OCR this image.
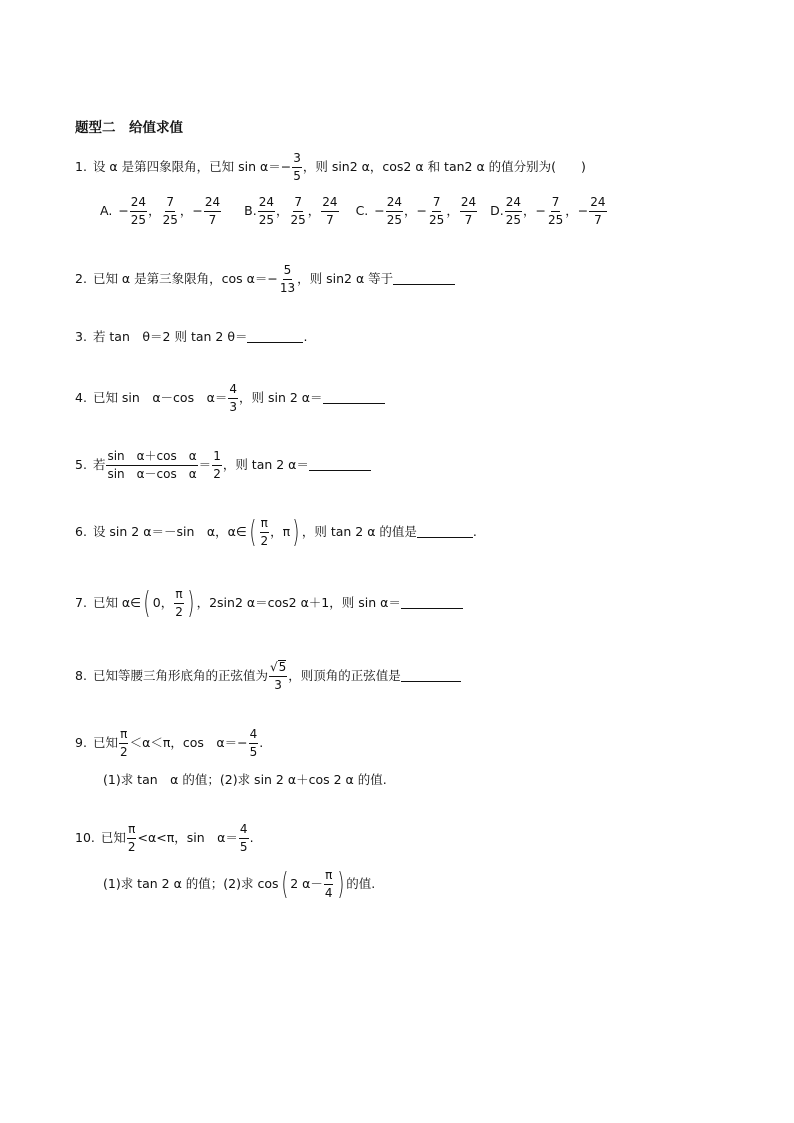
题型二　给值求值
1. 设 α 是第四象限角，已知 $\sin \alpha=- \frac{3}{5}$ ，则 sin2 α，cos2 α 和 tan2 α 的值分别为(　　)
A. − $\frac{24}{25}$ ，
7
25
，− $\frac{24}{7} B$.
24
25
，
7
25
，
24
7
C. − $\frac{24}{25}$ ，− $\frac{7}{25}$ ，
24
7
D.
24
25
，− $\frac{7}{25}$ ，− $\frac{24}{7}$
2. 已知 α 是第三象限角，$\cos \alpha=- \frac{5}{13}$ ，则 sin2 α 等于
3. 若 tan　θ＝2 则 tan 2 θ＝	.
4. 已知 sin　α－cos　α＝
4
3
，则 sin 2 α＝
5. 若
sin　α＋cos　α
sin　α－cos　α
＝
1
2
，则 tan 2 α＝
6. 设 sin 2 α＝－sin　α，α∈ ( π
2
，π ) ，则 tan 2 α 的值是	.
7. 已知 α∈ ( 0，
π
2 ) ，2sin2 α＝cos2 α＋1，则 sin α＝
8. 已知等腰三角形底角的正弦值为
√5
3
，则顶角的正弦值是
9. 已知
π
2
＜α＜π，cos　$\alpha=- \frac{4}{5}$ .
(1)求 tan　α 的值；(2)求 sin 2 α＋cos 2 α 的值.
10. 已知
π
2
<α<π，sin　α＝
4
5
.
(1)求 tan 2 α 的值；(2)求 cos ( 2 α－
π
4 ) 的值.
